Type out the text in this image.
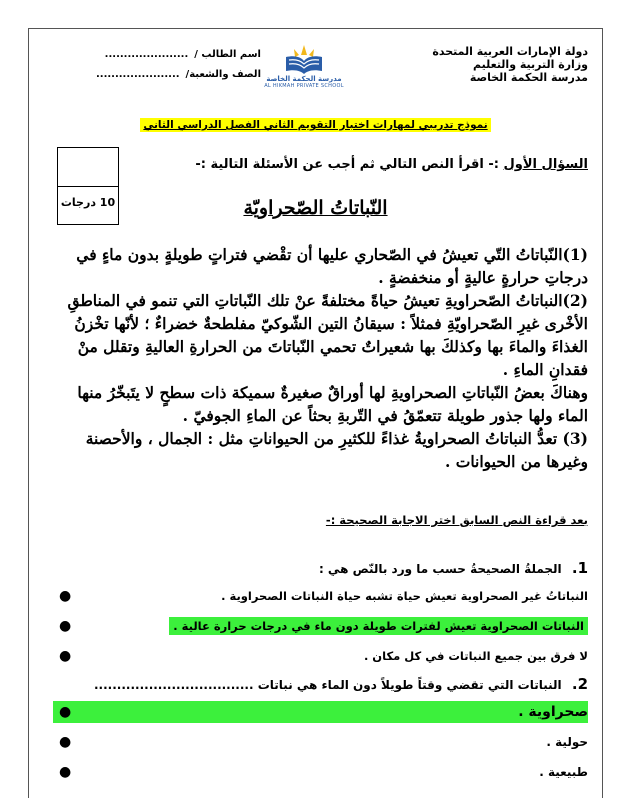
دولة الإمارات العربية المتحدة
وزارة التربية والتعليم
مدرسة الحكمة الخاصة
مدرسة الحكمة الخاصة
AL HIKMAH PRIVATE SCHOOL
اسم الطالب /
......................
الصف والشعبة/
......................
نموذج تدريبي لمهارات اختبار التقويم الثاني الفصل الدراسي الثاني
10 درجات
السؤال الأول :- اقرأ النص التالي ثم أجب عن الأسئلة التالية :-
النّباتاتُ الصّحراويّة

(1)النّباتاتُ التّي تعيشُ في الصّحاري عليها أن تقْضي فتراتٍ طويلةٍ بدون ماءٍ في درجاتِ حرارةٍ عاليةٍ أو منخفضةٍ .

(2)النباتاتُ الصّحراويةِ تعيشُ حياةً مختلفةً عنْ تلك النّباتاتِ التي تنمو في المناطقِ الأخْرى غيرِ الصّحراويّةِ فمثلاً : سيقانُ التين الشّوكيّ مفلطحةٌ خضراءٌ ؛ لأنّها تخْزنُ الغذاءَ والماءَ بها وكذلكَ بها شعيراتٌ تحمي النّباتاتَ من الحرارةِ العاليةِ وتقلل منْ فقدانِ الماءِ .

وهناكَ بعضُ النّباتاتِ الصحراويةِ لها أوراقٌ صغيرةٌ سميكة ذات سطحٍ لا يتَبخّرُ منها الماء ولها جذور طويلة تتعمّقُ في التّربةِ بحثاً عن الماءِ الجوفيّ .

(3) تعدُّ النباتاتُ الصحراويةُ غذاءً للكثيرِ من الحيواناتِ مثل : الجمال ، والأحصنة وغيرها من الحيوانات .

بعد قراءة النص السابق اختر الاجابة الصحيحة :-
1. الجملةُ الصحيحةُ حسب ما ورد بالنّص هي :
●	النباتاتُ غير الصحراوية تعيش حياة تشبه حياة النباتات الصحراوية .
●	النباتات الصحراوية تعيش لفترات طويلة دون ماء في درجات حرارة عالية .
●	لا فرق بين جميع النباتات في كل مكان .
2. النباتات التي تقضي وقتاً طويلاً دون الماء هي نباتات ...................................
●	صحراوية .
●	حولية .
●	طبيعية .
